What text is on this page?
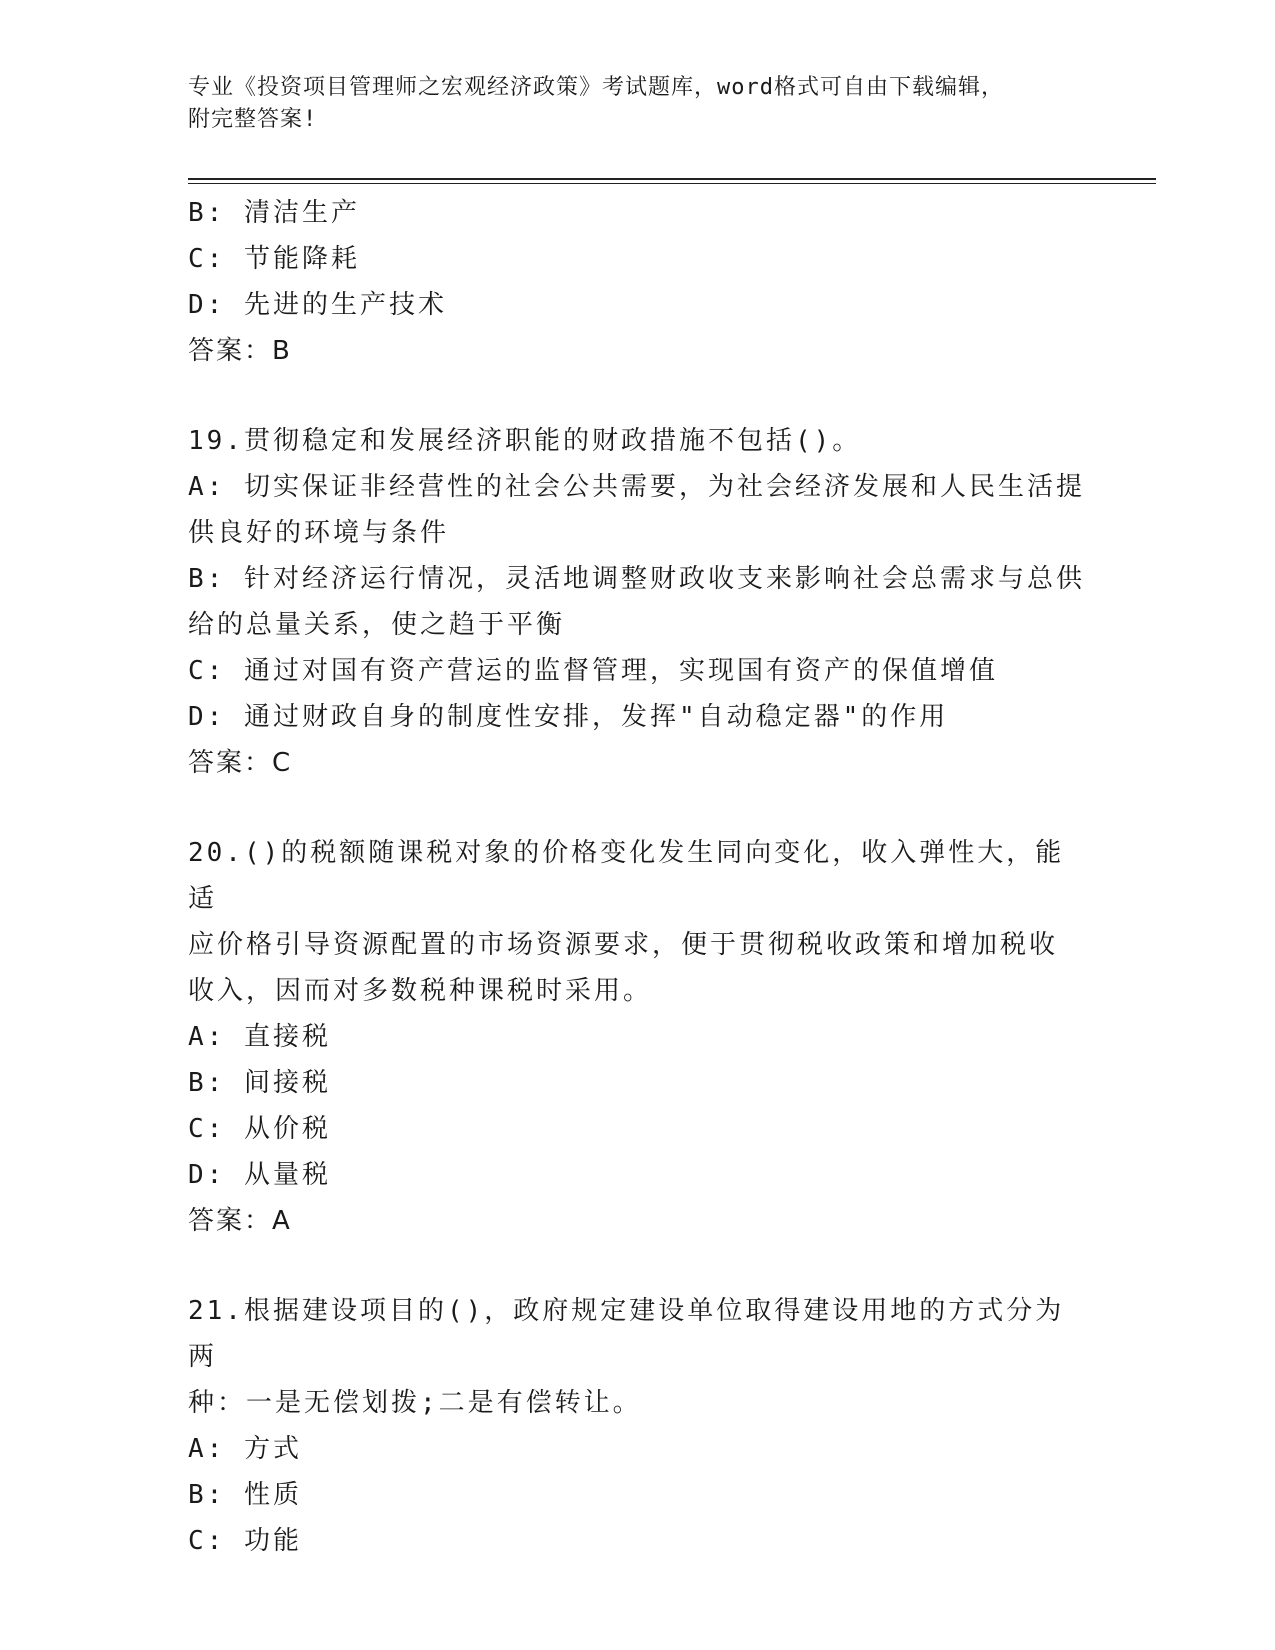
专业《投资项目管理师之宏观经济政策》考试题库，word格式可自由下载编辑，
附完整答案!
B: 清洁生产
C: 节能降耗
D: 先进的生产技术
答案：B
19.贯彻稳定和发展经济职能的财政措施不包括()。
A: 切实保证非经营性的社会公共需要，为社会经济发展和人民生活提
供良好的环境与条件
B: 针对经济运行情况，灵活地调整财政收支来影响社会总需求与总供
给的总量关系，使之趋于平衡
C: 通过对国有资产营运的监督管理，实现国有资产的保值增值
D: 通过财政自身的制度性安排，发挥"自动稳定器"的作用
答案：C
20.()的税额随课税对象的价格变化发生同向变化，收入弹性大，能适
应价格引导资源配置的市场资源要求，便于贯彻税收政策和增加税收
收入，因而对多数税种课税时采用。
A: 直接税
B: 间接税
C: 从价税
D: 从量税
答案：A
21.根据建设项目的()，政府规定建设单位取得建设用地的方式分为两
种：一是无偿划拨;二是有偿转让。
A: 方式
B: 性质
C: 功能
